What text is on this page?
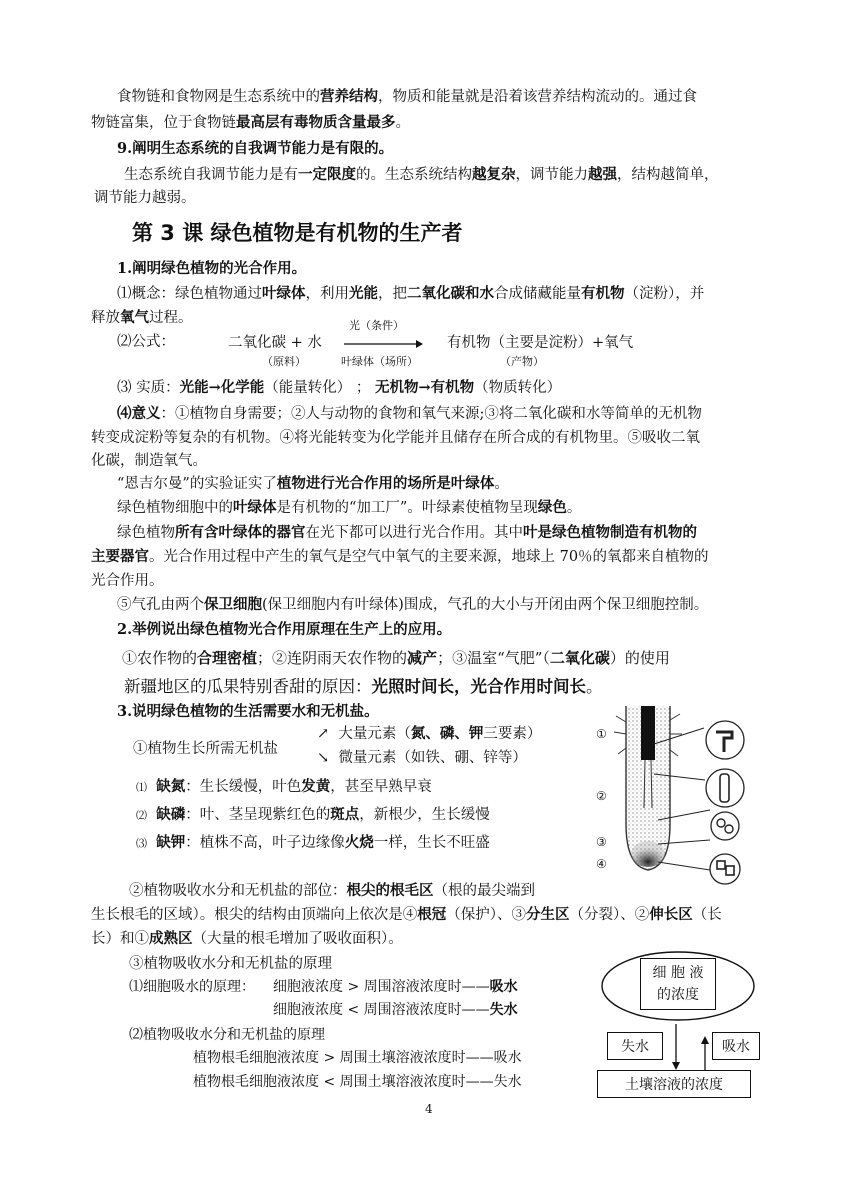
食物链和食物网是生态系统中的营养结构，物质和能量就是沿着该营养结构流动的。通过食
物链富集，位于食物链最高层有毒物质含量最多。
9.阐明生态系统的自我调节能力是有限的。
生态系统自我调节能力是有一定限度的。生态系统结构越复杂，调节能力越强，结构越简单，
调节能力越弱。
第 3 课 绿色植物是有机物的生产者
1.阐明绿色植物的光合作用。
⑴概念：绿色植物通过叶绿体，利用光能，把二氧化碳和水合成储藏能量有机物（淀粉），并
释放氧气过程。
⑵公式：	二氧化碳 + 水
光（条件）
叶绿体（场所）
（原料）
有机物（主要是淀粉）+氧气
（产物）
⑶ 实质：光能→化学能（能量转化） ； 无机物→有机物（物质转化）
⑷意义：①植物自身需要；②人与动物的食物和氧气来源;③将二氧化碳和水等简单的无机物
转变成淀粉等复杂的有机物。④将光能转变为化学能并且储存在所合成的有机物里。⑤吸收二氧
化碳，制造氧气。
“恩吉尔曼”的实验证实了植物进行光合作用的场所是叶绿体。
绿色植物细胞中的叶绿体是有机物的“加工厂”。叶绿素使植物呈现绿色。
绿色植物所有含叶绿体的器官在光下都可以进行光合作用。其中叶是绿色植物制造有机物的
主要器官。光合作用过程中产生的氧气是空气中氧气的主要来源，地球上 70％的氧都来自植物的
光合作用。
⑤气孔由两个保卫细胞(保卫细胞内有叶绿体)围成，气孔的大小与开闭由两个保卫细胞控制。
2.举例说出绿色植物光合作用原理在生产上的应用。
①农作物的合理密植；②连阴雨天农作物的减产；③温室“气肥”（二氧化碳）的使用
新疆地区的瓜果特别香甜的原因：光照时间长，光合作用时间长。
3.说明绿色植物的生活需要水和无机盐。
①植物生长所需无机盐
↗ 大量元素（氮、磷、钾三要素）
↘ 微量元素（如铁、硼、锌等）
⑴ 缺氮：生长缓慢，叶色发黄，甚至早熟早衰
⑵ 缺磷：叶、茎呈现紫红色的斑点，新根少，生长缓慢
⑶ 缺钾：植株不高，叶子边缘像火烧一样，生长不旺盛
②植物吸收水分和无机盐的部位：根尖的根毛区（根的最尖端到
生长根毛的区域）。根尖的结构由顶端向上依次是④根冠（保护）、③分生区（分裂）、②伸长区（长
长）和①成熟区（大量的根毛增加了吸收面积）。
③植物吸收水分和无机盐的原理
⑴细胞吸水的原理： 细胞液浓度 > 周围溶液浓度时——吸水
细胞液浓度 < 周围溶液浓度时——失水
⑵植物吸收水分和无机盐的原理
植物根毛细胞液浓度 > 周围土壤溶液浓度时——吸水
植物根毛细胞液浓度 < 周围土壤溶液浓度时——失水
①
②
③
④
细 胞 液
的浓度
失水	吸水
土壤溶液的浓度
4
